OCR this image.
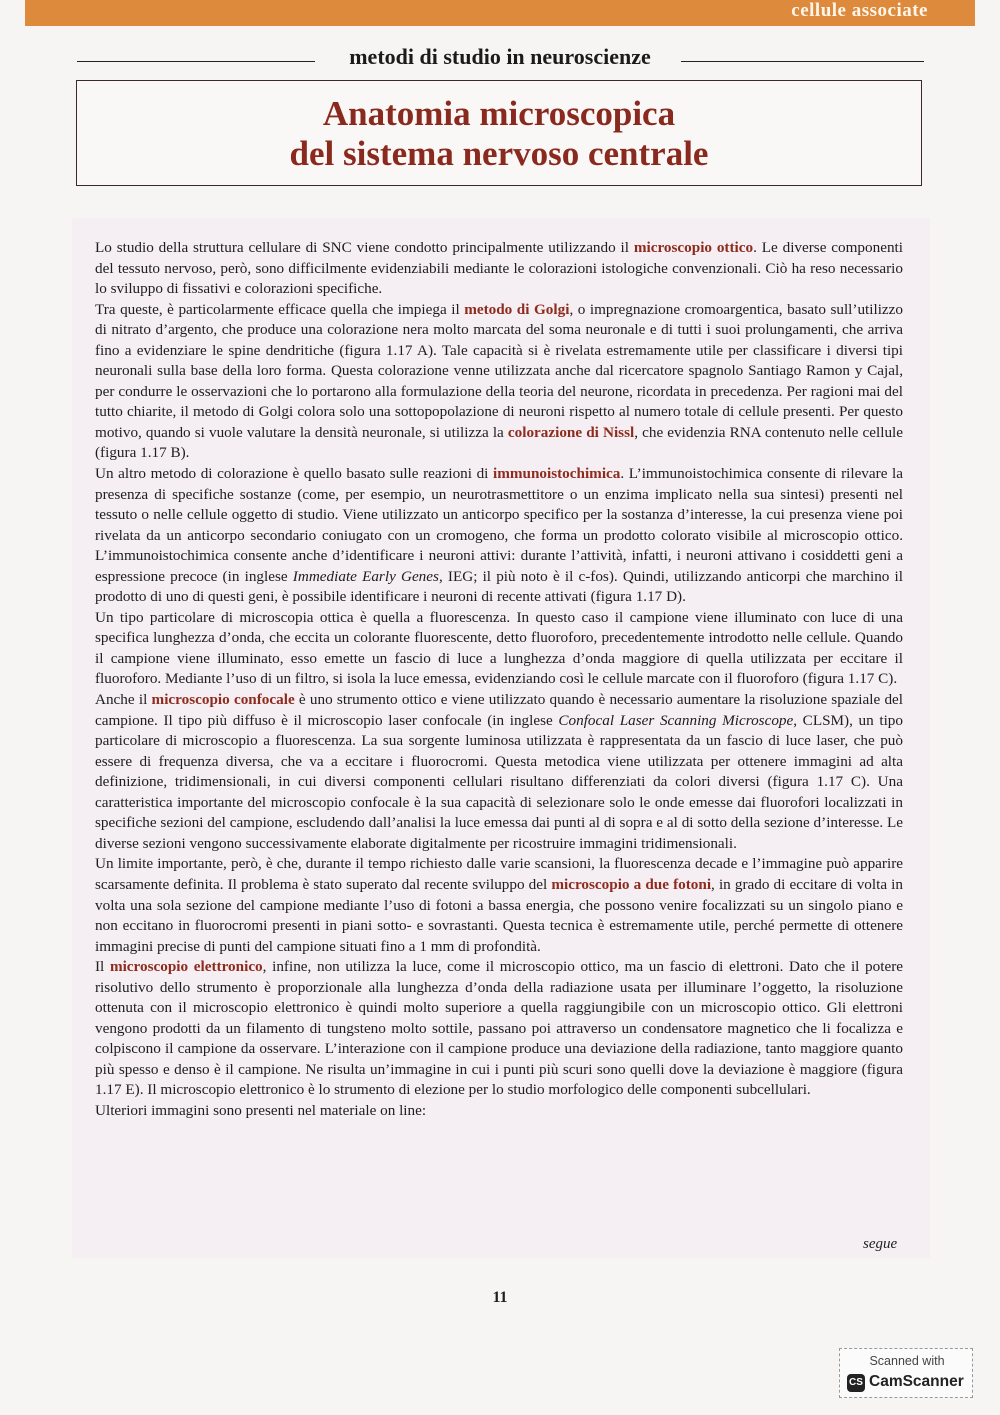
cellule associate
metodi di studio in neuroscienze
Anatomia microscopica
del sistema nervoso centrale

Lo studio della struttura cellulare di SNC viene condotto principalmente utilizzando il microscopio ottico. Le diverse componenti del tessuto nervoso, però, sono difficilmente evidenziabili mediante le colorazioni istologiche convenzionali. Ciò ha reso necessario lo sviluppo di fissativi e colorazioni specifiche.

Tra queste, è particolarmente efficace quella che impiega il metodo di Golgi, o impregnazione cromoargentica, basato sull’utilizzo di nitrato d’argento, che produce una colorazione nera molto marcata del soma neuronale e di tutti i suoi prolungamenti, che arriva fino a evidenziare le spine dendritiche (figura 1.17 A). Tale capacità si è rivelata estremamente utile per classificare i diversi tipi neuronali sulla base della loro forma. Questa colorazione venne utilizzata anche dal ricercatore spagnolo Santiago Ramon y Cajal, per condurre le osservazioni che lo portarono alla formulazione della teoria del neurone, ricordata in precedenza. Per ragioni mai del tutto chiarite, il metodo di Golgi colora solo una sottopopolazione di neuroni rispetto al numero totale di cellule presenti. Per questo motivo, quando si vuole valutare la densità neuronale, si utilizza la colorazione di Nissl, che evidenzia RNA contenuto nelle cellule (figura 1.17 B).

Un altro metodo di colorazione è quello basato sulle reazioni di immunoistochimica. L’immunoistochimica consente di rilevare la presenza di specifiche sostanze (come, per esempio, un neurotrasmettitore o un enzima implicato nella sua sintesi) presenti nel tessuto o nelle cellule oggetto di studio. Viene utilizzato un anticorpo specifico per la sostanza d’interesse, la cui presenza viene poi rivelata da un anticorpo secondario coniugato con un cromogeno, che forma un prodotto colorato visibile al microscopio ottico. L’immunoistochimica consente anche d’identificare i neuroni attivi: durante l’attività, infatti, i neuroni attivano i cosiddetti geni a espressione precoce (in inglese Immediate Early Genes, IEG; il più noto è il c-fos). Quindi, utilizzando anticorpi che marchino il prodotto di uno di questi geni, è possibile identificare i neuroni di recente attivati (figura 1.17 D).

Un tipo particolare di microscopia ottica è quella a fluorescenza. In questo caso il campione viene illuminato con luce di una specifica lunghezza d’onda, che eccita un colorante fluorescente, detto fluoroforo, precedentemente introdotto nelle cellule. Quando il campione viene illuminato, esso emette un fascio di luce a lunghezza d’onda maggiore di quella utilizzata per eccitare il fluoroforo. Mediante l’uso di un filtro, si isola la luce emessa, evidenziando così le cellule marcate con il fluoroforo (figura 1.17 C).

Anche il microscopio confocale è uno strumento ottico e viene utilizzato quando è necessario aumentare la risoluzione spaziale del campione. Il tipo più diffuso è il microscopio laser confocale (in inglese Confocal Laser Scanning Microscope, CLSM), un tipo particolare di microscopio a fluorescenza. La sua sorgente luminosa utilizzata è rappresentata da un fascio di luce laser, che può essere di frequenza diversa, che va a eccitare i fluorocromi. Questa metodica viene utilizzata per ottenere immagini ad alta definizione, tridimensionali, in cui diversi componenti cellulari risultano differenziati da colori diversi (figura 1.17 C). Una caratteristica importante del microscopio confocale è la sua capacità di selezionare solo le onde emesse dai fluorofori localizzati in specifiche sezioni del campione, escludendo dall’analisi la luce emessa dai punti al di sopra e al di sotto della sezione d’interesse. Le diverse sezioni vengono successivamente elaborate digitalmente per ricostruire immagini tridimensionali.

Un limite importante, però, è che, durante il tempo richiesto dalle varie scansioni, la fluorescenza decade e l’immagine può apparire scarsamente definita. Il problema è stato superato dal recente sviluppo del microscopio a due fotoni, in grado di eccitare di volta in volta una sola sezione del campione mediante l’uso di fotoni a bassa energia, che possono venire focalizzati su un singolo piano e non eccitano in fluorocromi presenti in piani sotto- e sovrastanti. Questa tecnica è estremamente utile, perché permette di ottenere immagini precise di punti del campione situati fino a 1 mm di profondità.

Il microscopio elettronico, infine, non utilizza la luce, come il microscopio ottico, ma un fascio di elettroni. Dato che il potere risolutivo dello strumento è proporzionale alla lunghezza d’onda della radiazione usata per illuminare l’oggetto, la risoluzione ottenuta con il microscopio elettronico è quindi molto superiore a quella raggiungibile con un microscopio ottico. Gli elettroni vengono prodotti da un filamento di tungsteno molto sottile, passano poi attraverso un condensatore magnetico che li focalizza e colpiscono il campione da osservare. L’interazione con il campione produce una deviazione della radiazione, tanto maggiore quanto più spesso e denso è il campione. Ne risulta un’immagine in cui i punti più scuri sono quelli dove la deviazione è maggiore (figura 1.17 E). Il microscopio elettronico è lo strumento di elezione per lo studio morfologico delle componenti subcellulari.

Ulteriori immagini sono presenti nel materiale on line:

segue
11
Scanned with
CS CamScanner
